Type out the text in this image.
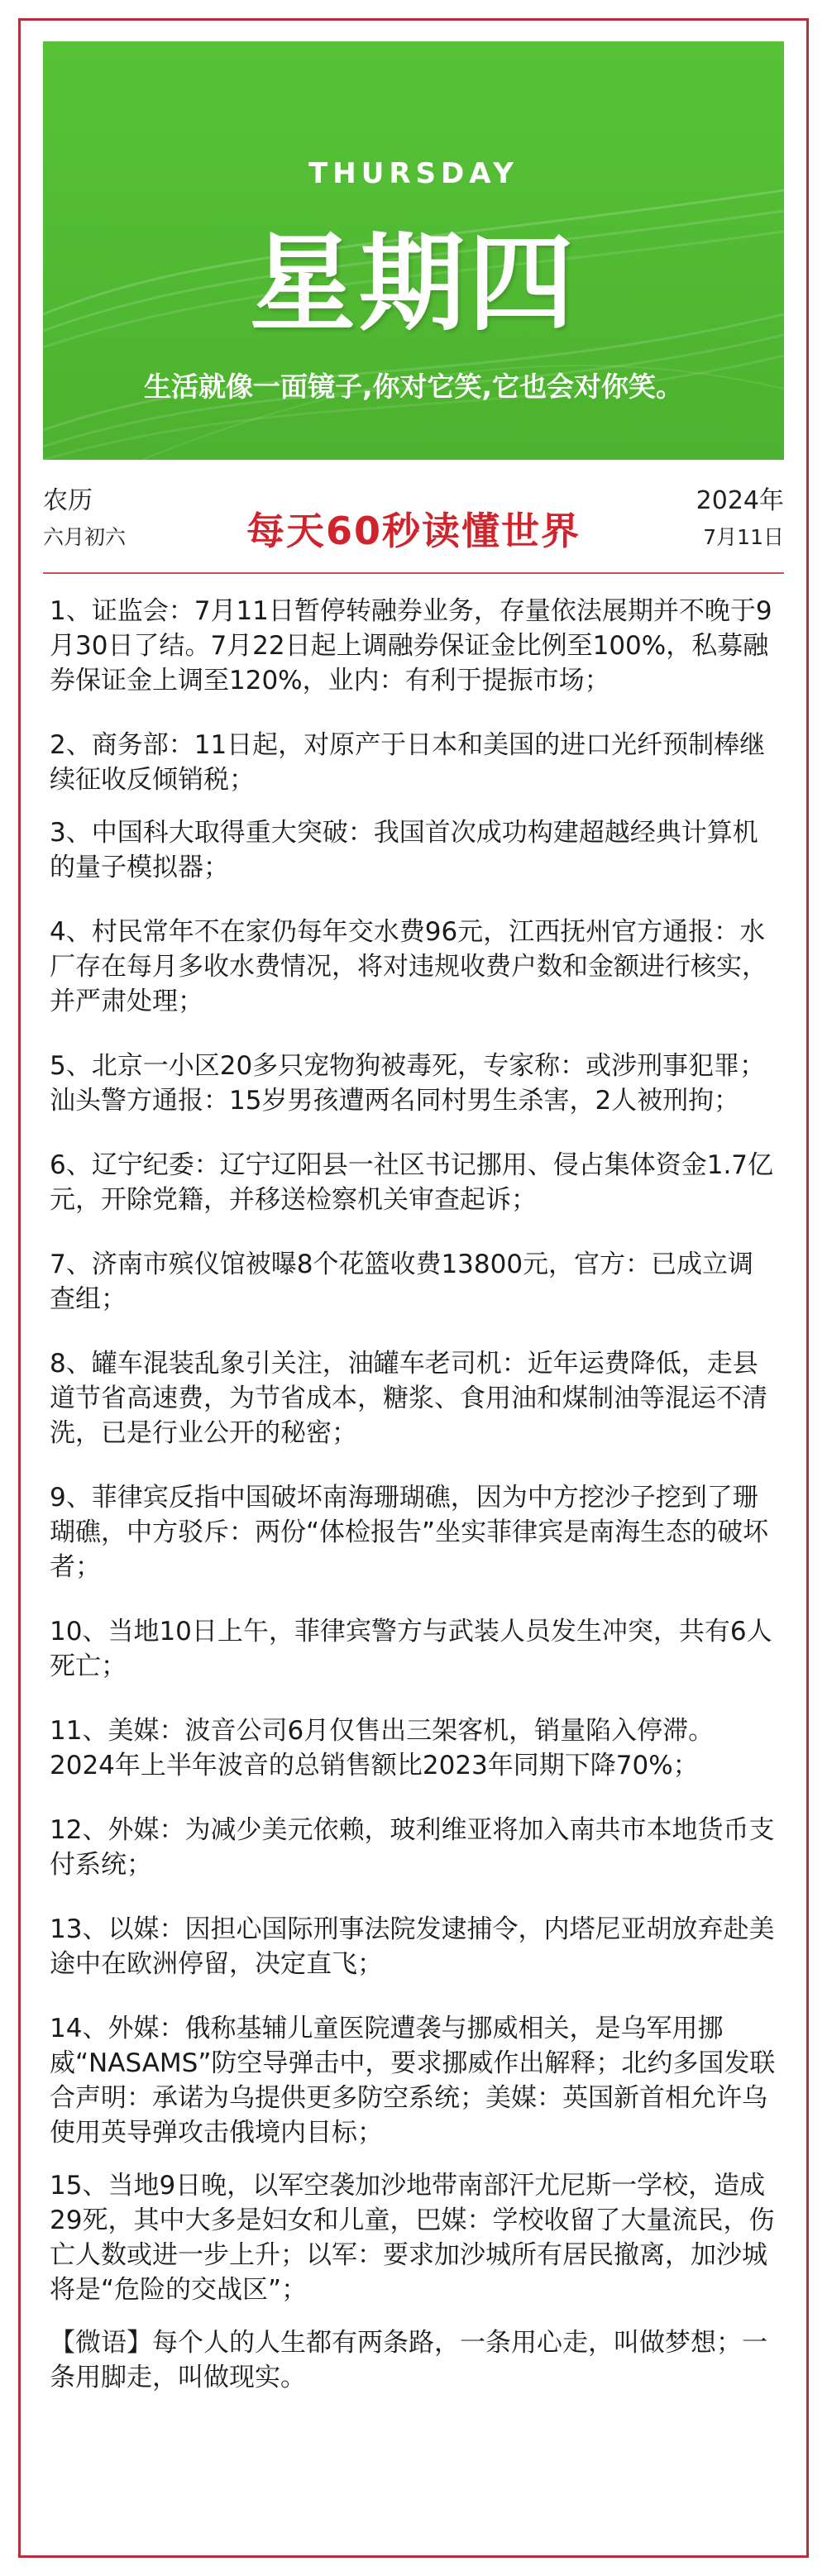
THURSDAY
星期四
生活就像一面镜子,你对它笑,它也会对你笑。
农历
六月初六	每天60秒读懂世界
2024年
7月11日

1、证监会：7月11日暂停转融券业务，存量依法展期并不晚于9月30日了结。7月22日起上调融券保证金比例至100%，私募融券保证金上调至120%，业内：有利于提振市场；

2、商务部：11日起，对原产于日本和美国的进口光纤预制棒继续征收反倾销税；

3、中国科大取得重大突破：我国首次成功构建超越经典计算机的量子模拟器；

4、村民常年不在家仍每年交水费96元，江西抚州官方通报：水厂存在每月多收水费情况，将对违规收费户数和金额进行核实，并严肃处理；

5、北京一小区20多只宠物狗被毒死，专家称：或涉刑事犯罪；汕头警方通报：15岁男孩遭两名同村男生杀害，2人被刑拘；

6、辽宁纪委：辽宁辽阳县一社区书记挪用、侵占集体资金1.7亿元，开除党籍，并移送检察机关审查起诉；

7、济南市殡仪馆被曝8个花篮收费13800元，官方：已成立调查组；

8、罐车混装乱象引关注，油罐车老司机：近年运费降低，走县道节省高速费，为节省成本，糖浆、食用油和煤制油等混运不清洗，已是行业公开的秘密；

9、菲律宾反指中国破坏南海珊瑚礁，因为中方挖沙子挖到了珊瑚礁，中方驳斥：两份“体检报告”坐实菲律宾是南海生态的破坏者；

10、当地10日上午，菲律宾警方与武装人员发生冲突，共有6人死亡；

11、美媒：波音公司6月仅售出三架客机，销量陷入停滞。2024年上半年波音的总销售额比2023年同期下降70%；

12、外媒：为减少美元依赖，玻利维亚将加入南共市本地货币支付系统；

13、以媒：因担心国际刑事法院发逮捕令，内塔尼亚胡放弃赴美途中在欧洲停留，决定直飞；

14、外媒：俄称基辅儿童医院遭袭与挪威相关，是乌军用挪威“NASAMS”防空导弹击中，要求挪威作出解释；北约多国发联合声明：承诺为乌提供更多防空系统；美媒：英国新首相允许乌使用英导弹攻击俄境内目标；

15、当地9日晚，以军空袭加沙地带南部汗尤尼斯一学校，造成29死，其中大多是妇女和儿童，巴媒：学校收留了大量流民，伤亡人数或进一步上升；以军：要求加沙城所有居民撤离，加沙城将是“危险的交战区”；

【微语】每个人的人生都有两条路，一条用心走，叫做梦想；一条用脚走，叫做现实。
